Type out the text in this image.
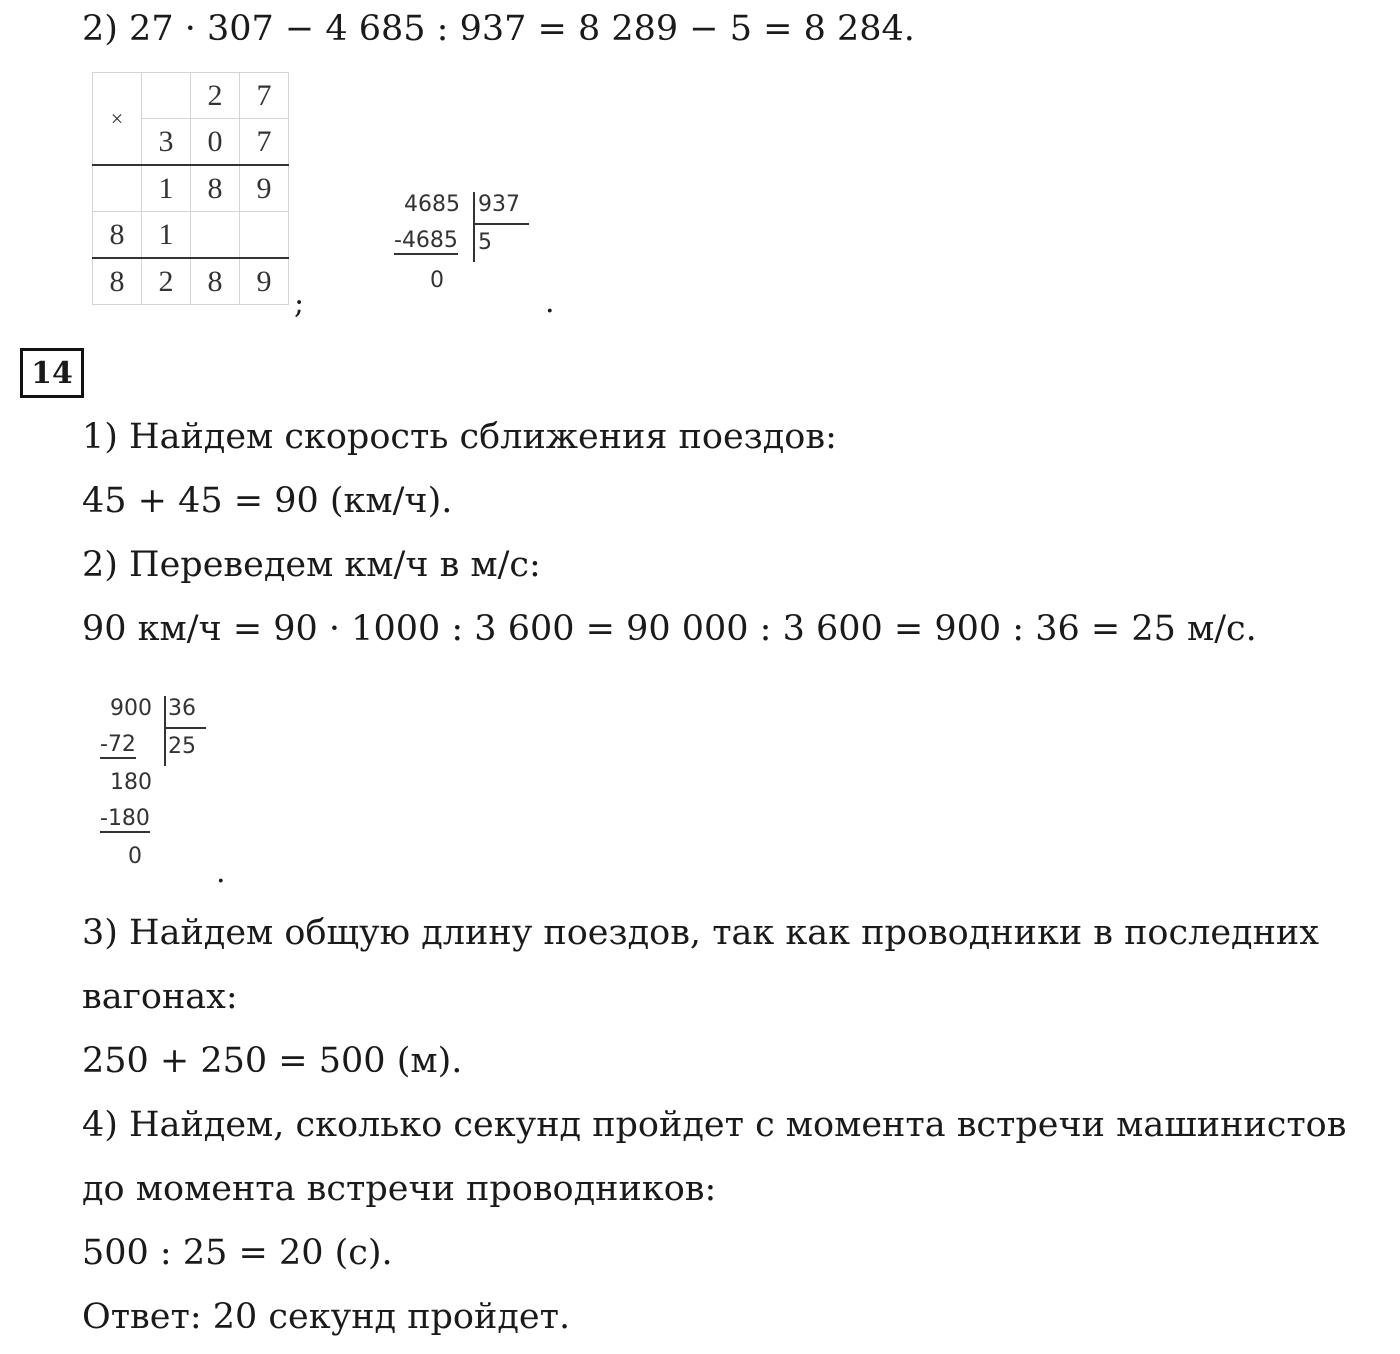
2) 27 · 307 − 4 685 : 937 = 8 289 − 5 = 8 284.
×		2	7
	3	0	7
	1	8	9
8	1		
8	2	8	9
;
4685 937
-4685 5
0
.
14
1) Найдем скорость сближения поездов:
45 + 45 = 90 (км/ч).
2) Переведем км/ч в м/с:
90 км/ч = 90 · 1000 : 3 600 = 90 000 : 3 600 = 900 : 36 = 25 м/с.
900 36
-72 25
180
-180
0 .
3) Найдем общую длину поездов, так как проводники в последних
вагонах:
250 + 250 = 500 (м).
4) Найдем, сколько секунд пройдет с момента встречи машинистов
до момента встречи проводников:
500 : 25 = 20 (с).
Ответ: 20 секунд пройдет.
